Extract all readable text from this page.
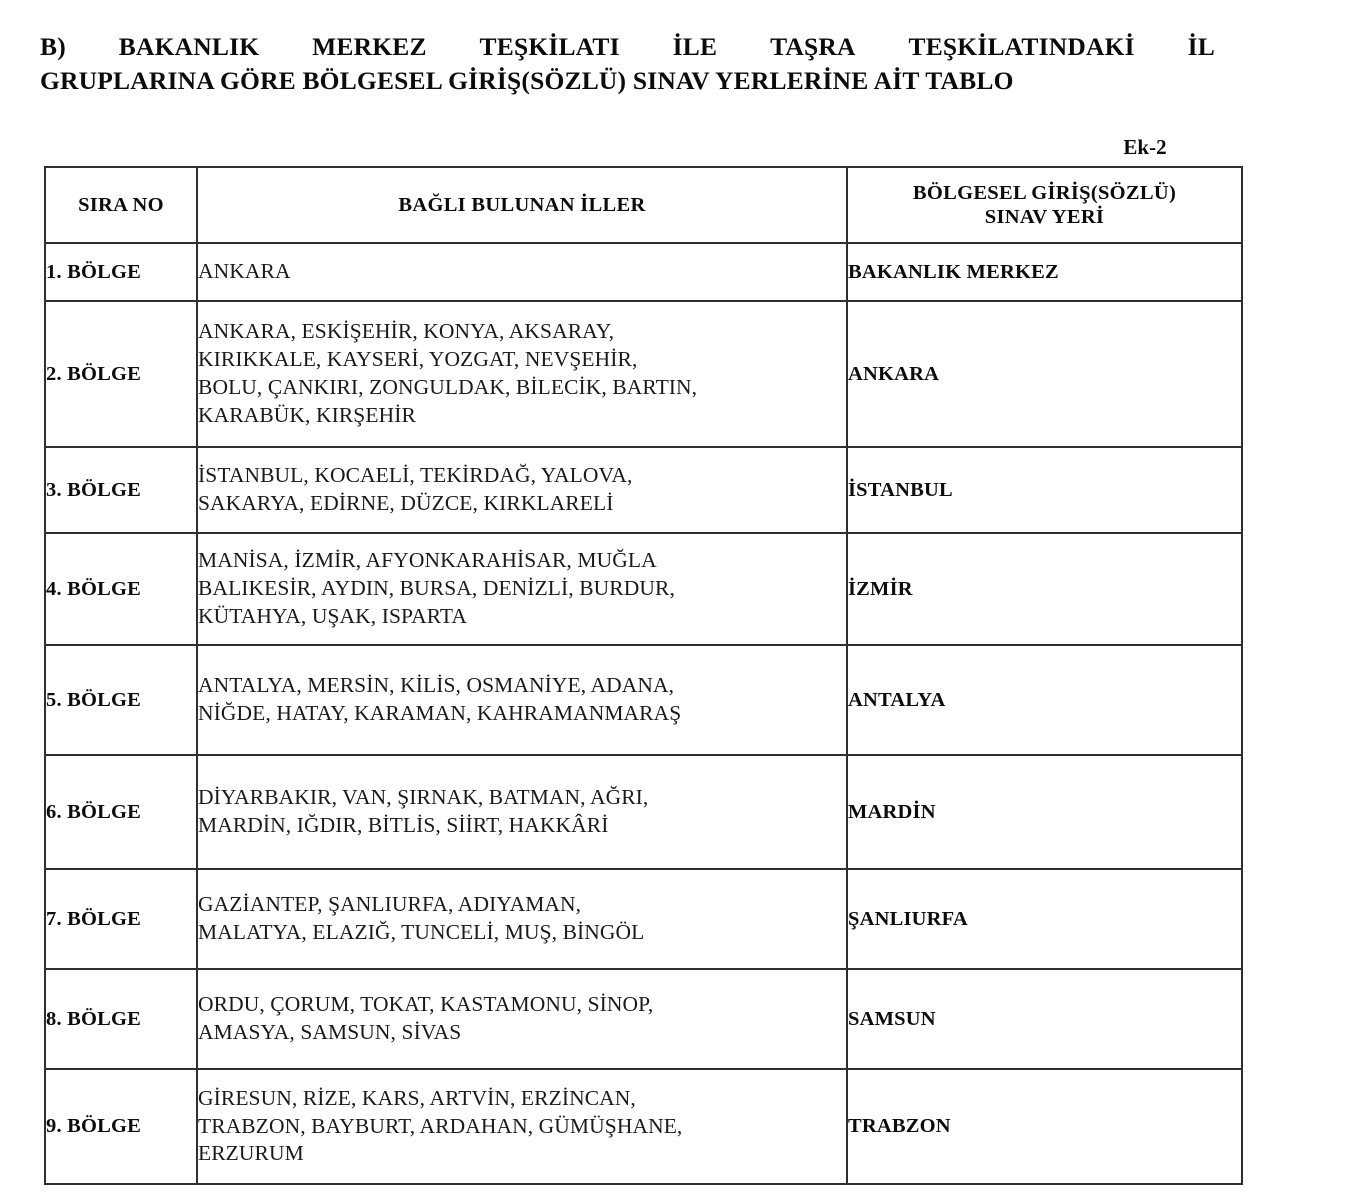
B) BAKANLIK MERKEZ TEŞKİLATI İLE TAŞRA TEŞKİLATINDAKİ İL
GRUPLARINA GÖRE BÖLGESEL GİRİŞ(SÖZLÜ) SINAV YERLERİNE AİT TABLO
Ek-2
SIRA NO	BAĞLI BULUNAN İLLER	BÖLGESEL GİRİŞ(SÖZLÜ)
SINAV YERİ

1. BÖLGE	ANKARA	BAKANLIK MERKEZ
2. BÖLGE	ANKARA, ESKİŞEHİR, KONYA, AKSARAY,
KIRIKKALE, KAYSERİ, YOZGAT, NEVŞEHİR,
BOLU, ÇANKIRI, ZONGULDAK, BİLECİK, BARTIN,
KARABÜK, KIRŞEHİR	ANKARA
3. BÖLGE	İSTANBUL, KOCAELİ, TEKİRDAĞ, YALOVA,
SAKARYA, EDİRNE, DÜZCE, KIRKLARELİ	İSTANBUL
4. BÖLGE	MANİSA, İZMİR, AFYONKARAHİSAR, MUĞLA
BALIKESİR, AYDIN, BURSA, DENİZLİ, BURDUR,
KÜTAHYA, UŞAK, ISPARTA	İZMİR
5. BÖLGE	ANTALYA, MERSİN, KİLİS, OSMANİYE, ADANA,
NİĞDE, HATAY, KARAMAN, KAHRAMANMARAŞ	ANTALYA
6. BÖLGE	DİYARBAKIR, VAN, ŞIRNAK, BATMAN, AĞRI,
MARDİN, IĞDIR, BİTLİS, SİİRT, HAKKÂRİ	MARDİN
7. BÖLGE	GAZİANTEP, ŞANLIURFA, ADIYAMAN,
MALATYA, ELAZIĞ, TUNCELİ, MUŞ, BİNGÖL	ŞANLIURFA
8. BÖLGE	ORDU, ÇORUM, TOKAT, KASTAMONU, SİNOP,
AMASYA, SAMSUN, SİVAS	SAMSUN
9. BÖLGE	GİRESUN, RİZE, KARS, ARTVİN, ERZİNCAN,
TRABZON, BAYBURT, ARDAHAN, GÜMÜŞHANE,
ERZURUM	TRABZON
